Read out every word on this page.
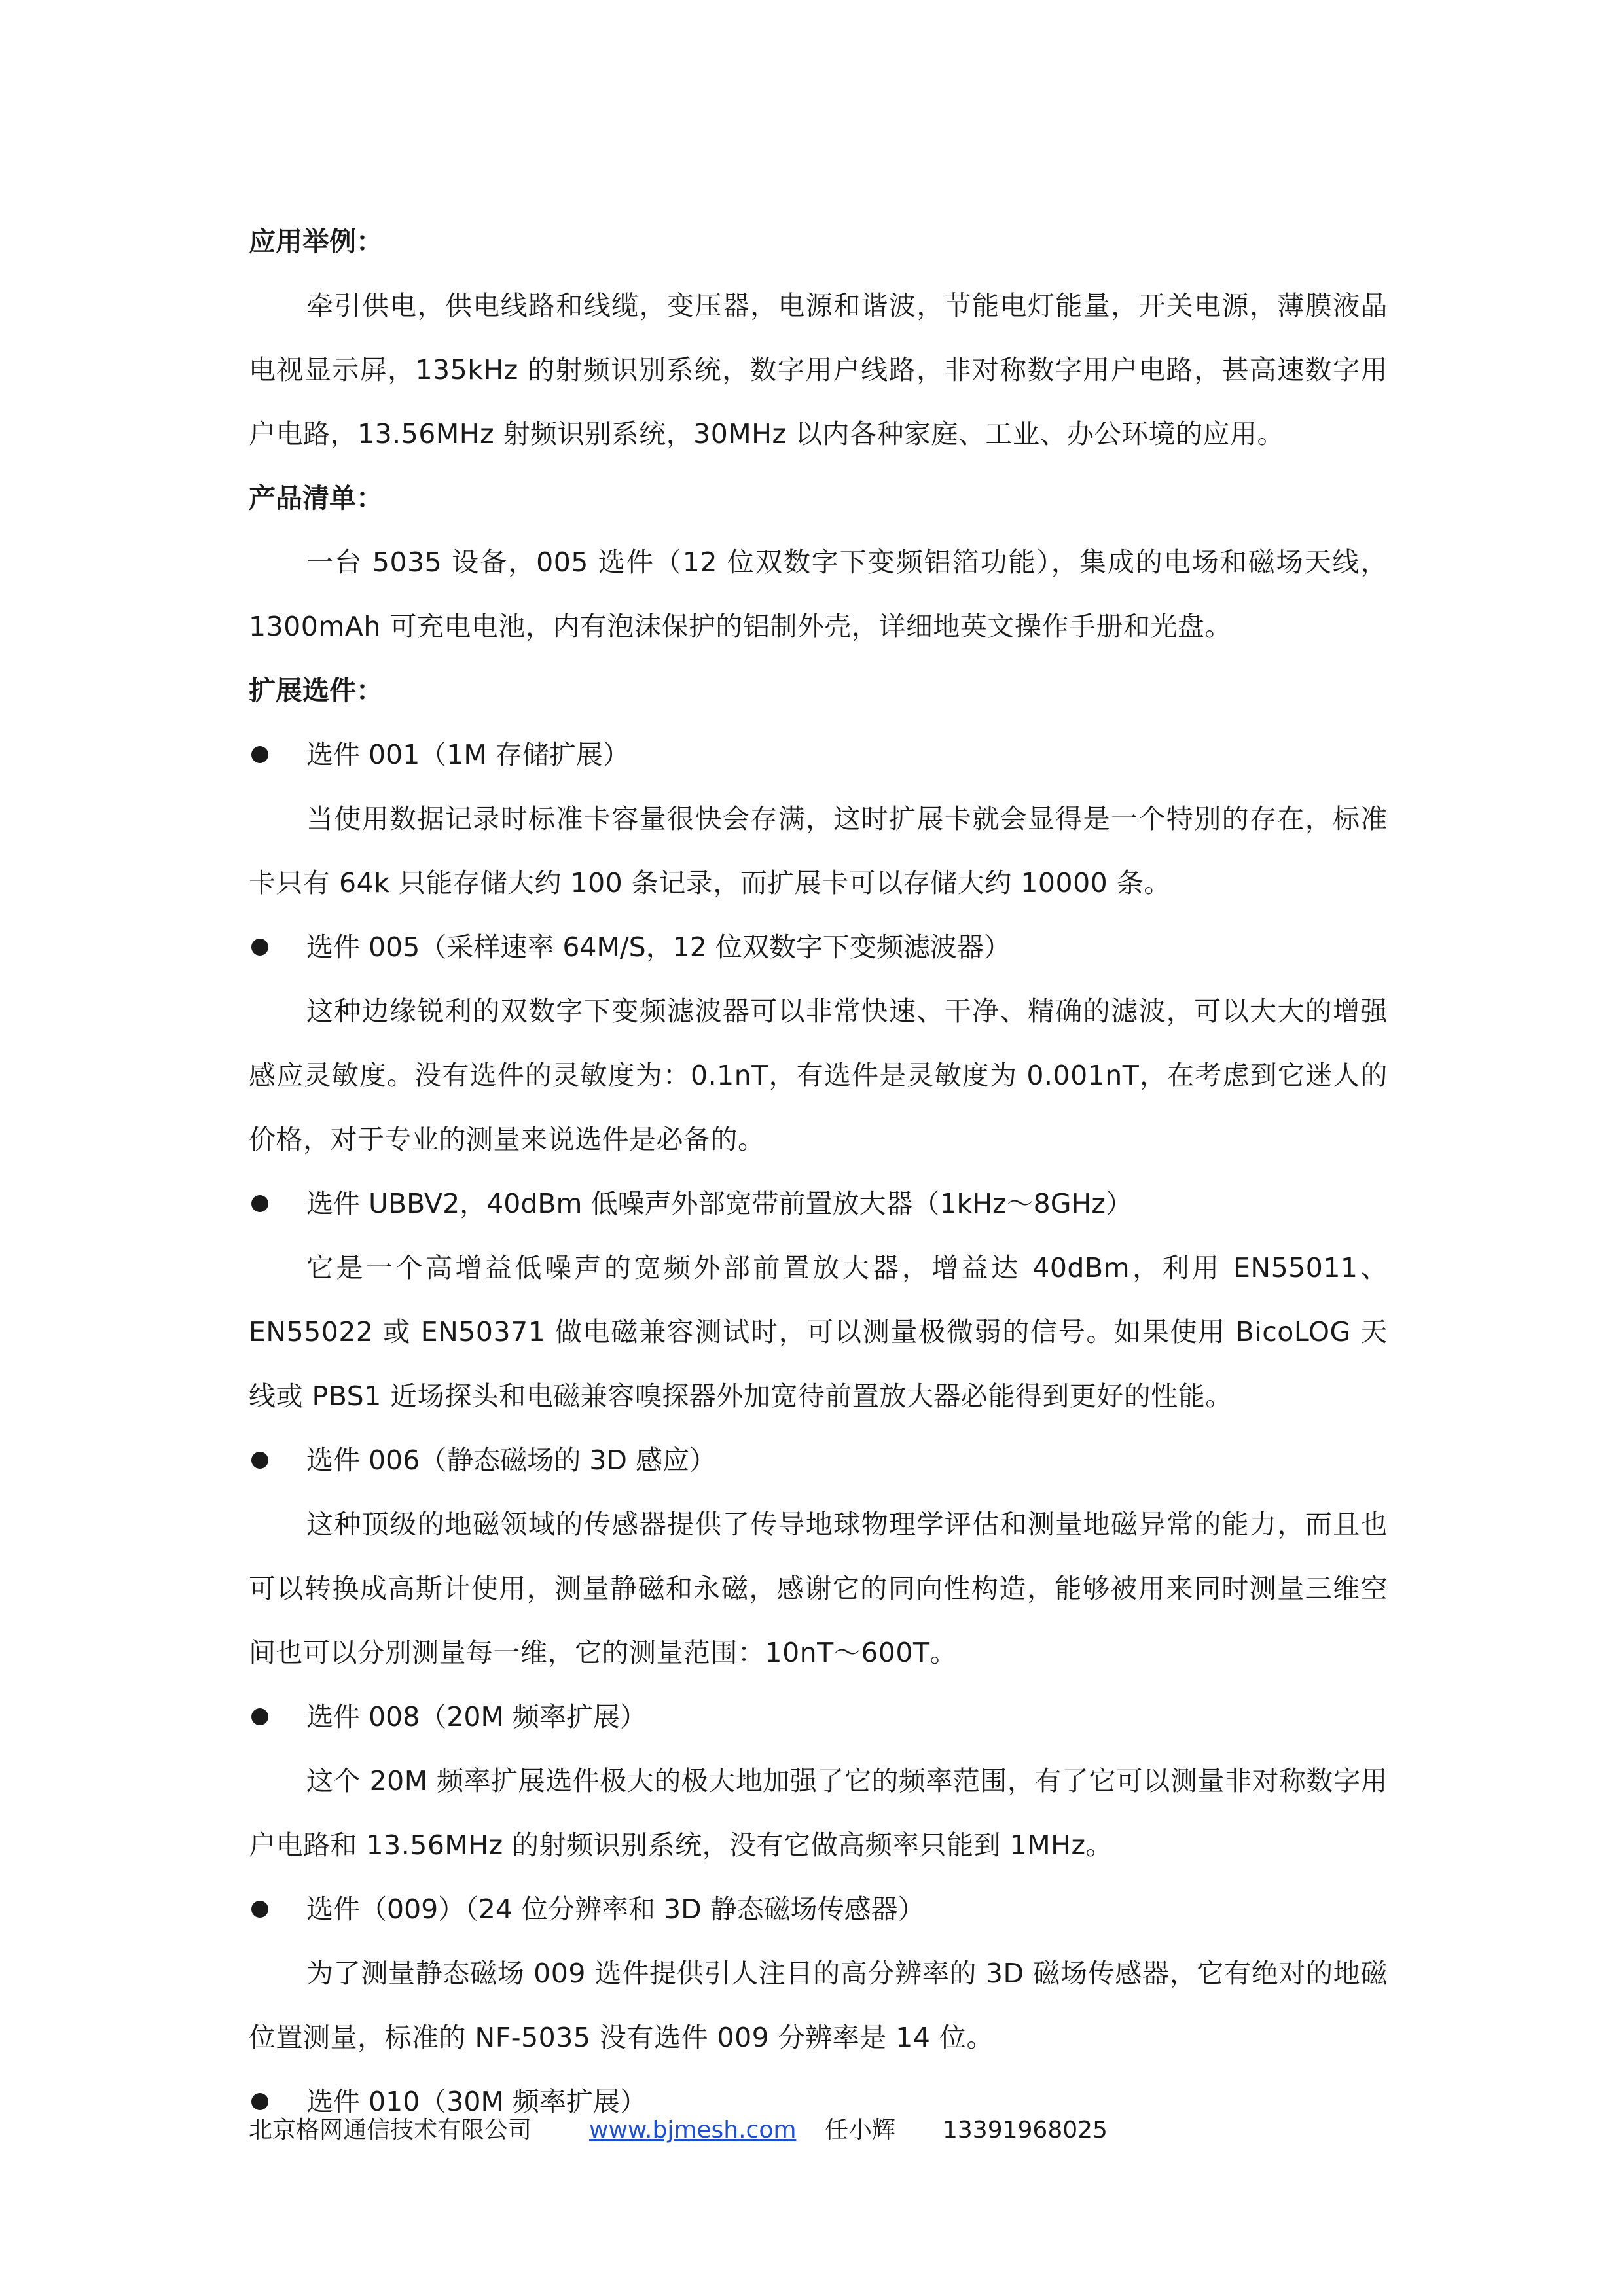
应用举例：

牵引供电，供电线路和线缆，变压器，电源和谐波，节能电灯能量，开关电源，薄膜液晶电视显示屏，135kHz 的射频识别系统，数字用户线路，非对称数字用户电路，甚高速数字用户电路，13.56MHz 射频识别系统，30MHz 以内各种家庭、工业、办公环境的应用。

产品清单：

一台 5035 设备，005 选件（12 位双数字下变频铝箔功能），集成的电场和磁场天线，1300mAh 可充电电池，内有泡沫保护的铝制外壳，详细地英文操作手册和光盘。

扩展选件：

选件 001（1M 存储扩展）

当使用数据记录时标准卡容量很快会存满，这时扩展卡就会显得是一个特别的存在，标准卡只有 64k 只能存储大约 100 条记录，而扩展卡可以存储大约 10000 条。

选件 005（采样速率 64M/S，12 位双数字下变频滤波器）

这种边缘锐利的双数字下变频滤波器可以非常快速、干净、精确的滤波，可以大大的增强感应灵敏度。没有选件的灵敏度为：0.1nT，有选件是灵敏度为 0.001nT，在考虑到它迷人的价格，对于专业的测量来说选件是必备的。

选件 UBBV2，40dBm 低噪声外部宽带前置放大器（1kHz～8GHz）

它是一个高增益低噪声的宽频外部前置放大器，增益达 40dBm，利用 EN55011、EN55022 或 EN50371 做电磁兼容测试时，可以测量极微弱的信号。如果使用 BicoLOG 天线或 PBS1 近场探头和电磁兼容嗅探器外加宽待前置放大器必能得到更好的性能。

选件 006（静态磁场的 3D 感应）

这种顶级的地磁领域的传感器提供了传导地球物理学评估和测量地磁异常的能力，而且也可以转换成高斯计使用，测量静磁和永磁，感谢它的同向性构造，能够被用来同时测量三维空间也可以分别测量每一维，它的测量范围：10nT～600T。

选件 008（20M 频率扩展）

这个 20M 频率扩展选件极大的极大地加强了它的频率范围，有了它可以测量非对称数字用户电路和 13.56MHz 的射频识别系统，没有它做高频率只能到 1MHz。

选件（009）（24 位分辨率和 3D 静态磁场传感器）

为了测量静态磁场 009 选件提供引人注目的高分辨率的 3D 磁场传感器，它有绝对的地磁位置测量，标准的 NF-5035 没有选件 009 分辨率是 14 位。

选件 010（30M 频率扩展）

北京格网通信技术有限公司 www.bjmesh.com 任小辉 13391968025
